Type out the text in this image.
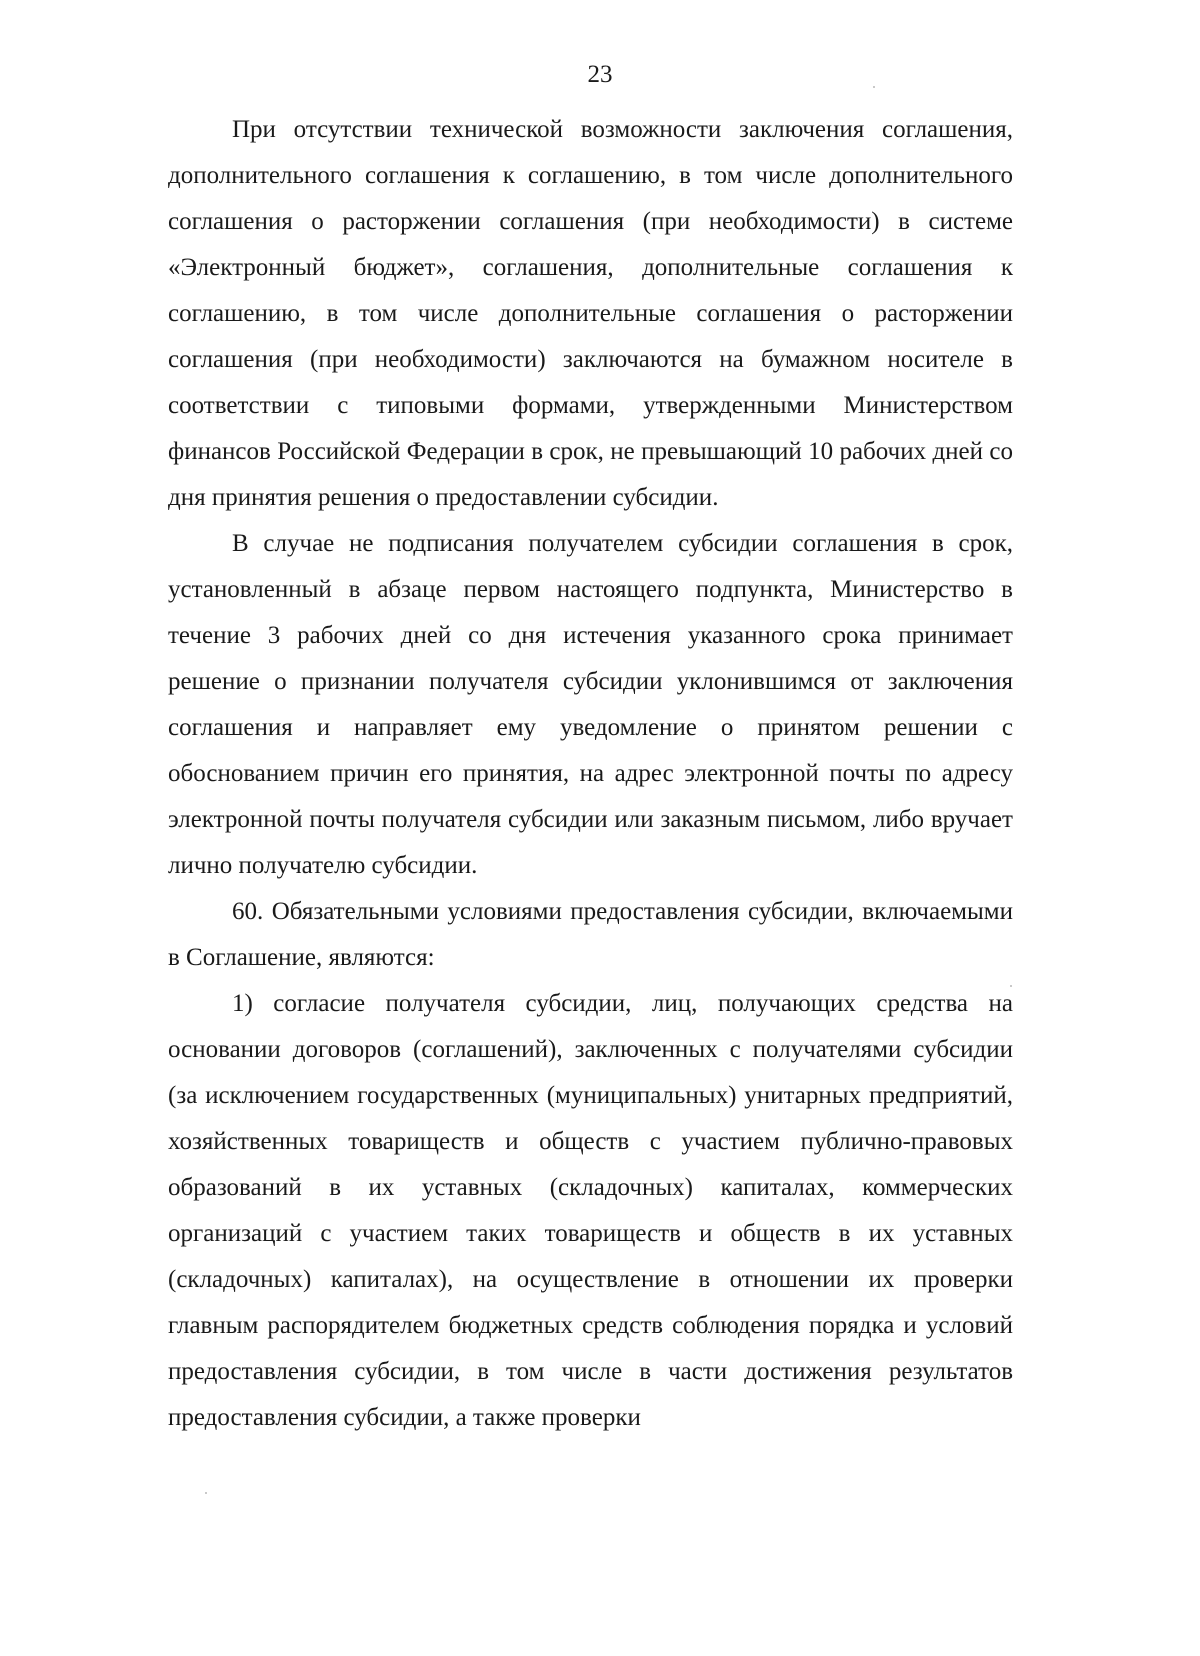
23

При отсутствии технической возможности заключения соглашения, дополнительного соглашения к соглашению, в том числе дополнительного соглашения о расторжении соглашения (при необходимости) в системе «Электронный бюджет», соглашения, дополнительные соглашения к соглашению, в том числе дополнительные соглашения о расторжении соглашения (при необходимости) заключаются на бумажном носителе в соответствии с типовыми формами, утвержденными Министерством финансов Российской Федерации в срок, не превышающий 10 рабочих дней со дня принятия решения о предоставлении субсидии.

В случае не подписания получателем субсидии соглашения в срок, установленный в абзаце первом настоящего подпункта, Министерство в течение 3 рабочих дней со дня истечения указанного срока принимает решение о признании получателя субсидии уклонившимся от заключения соглашения и направляет ему уведомление о принятом решении с обоснованием причин его принятия, на адрес электронной почты по адресу электронной почты получателя субсидии или заказным письмом, либо вручает лично получателю субсидии.

60. Обязательными условиями предоставления субсидии, включаемыми в Соглашение, являются:

1) согласие получателя субсидии, лиц, получающих средства на основании договоров (соглашений), заключенных с получателями субсидии (за исключением государственных (муниципальных) унитарных предприятий, хозяйственных товариществ и обществ с участием публично-правовых образований в их уставных (складочных) капиталах, коммерческих организаций с участием таких товариществ и обществ в их уставных (складочных) капиталах), на осуществление в отношении их проверки главным распорядителем бюджетных средств соблюдения порядка и условий предоставления субсидии, в том числе в части достижения результатов предоставления субсидии, а также проверки
